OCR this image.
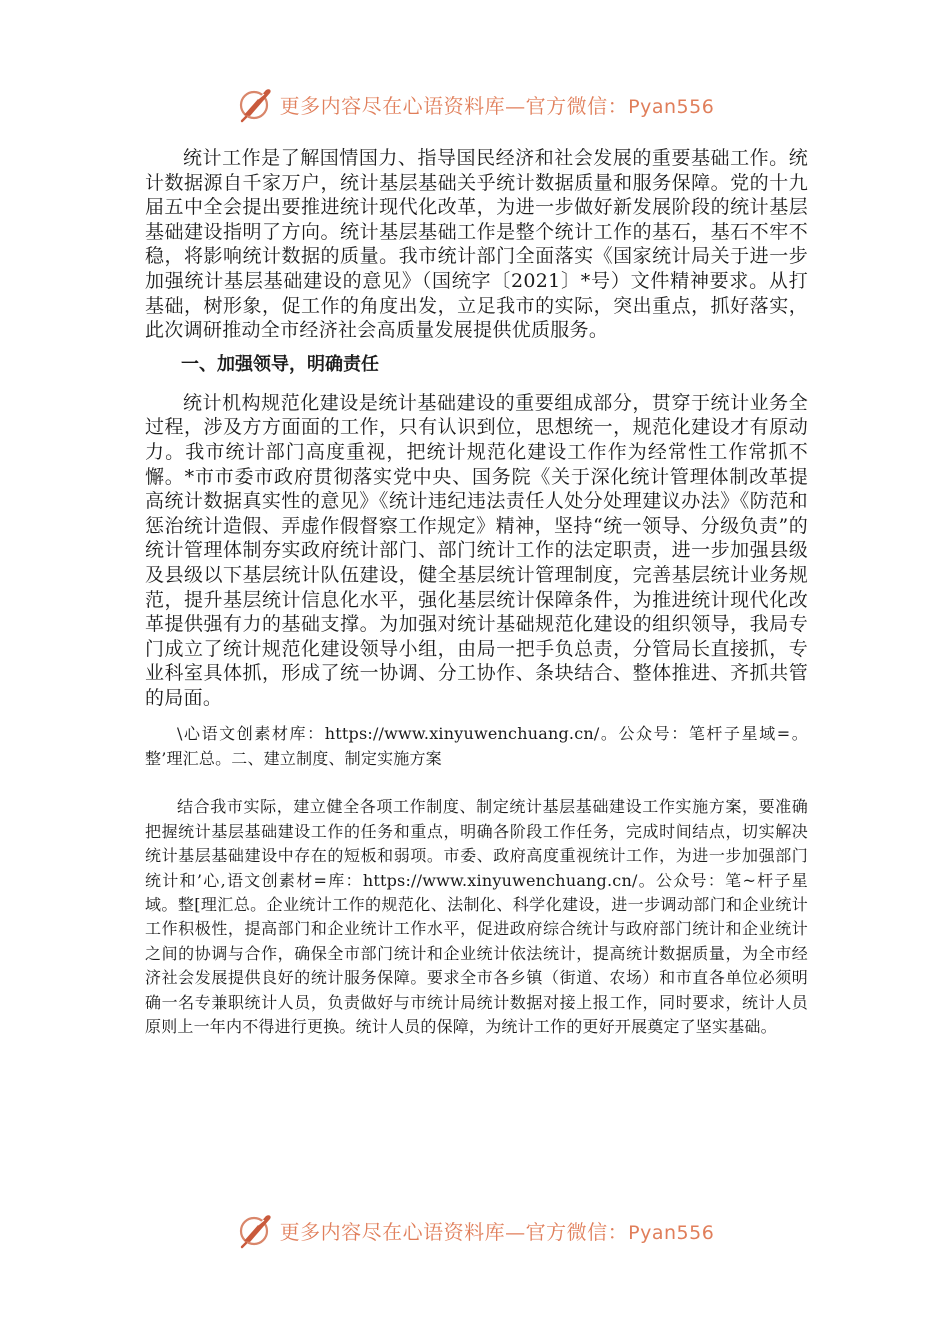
更多内容尽在心语资料库—官方微信：Pyan556

统计工作是了解国情国力、指导国民经济和社会发展的重要基础工作。统计数据源自千家万户，统计基层基础关乎统计数据质量和服务保障。党的十九届五中全会提出要推进统计现代化改革，为进一步做好新发展阶段的统计基层基础建设指明了方向。统计基层基础工作是整个统计工作的基石，基石不牢不稳，将影响统计数据的质量。我市统计部门全面落实《国家统计局关于进一步加强统计基层基础建设的意见》（国统字〔2021〕*号）文件精神要求。从打基础，树形象，促工作的角度出发，立足我市的实际，突出重点，抓好落实，此次调研推动全市经济社会高质量发展提供优质服务。

一、加强领导，明确责任

统计机构规范化建设是统计基础建设的重要组成部分，贯穿于统计业务全过程，涉及方方面面的工作，只有认识到位，思想统一，规范化建设才有原动力。我市统计部门高度重视，把统计规范化建设工作作为经常性工作常抓不懈。*市市委市政府贯彻落实党中央、国务院《关于深化统计管理体制改革提高统计数据真实性的意见》《统计违纪违法责任人处分处理建议办法》《防范和惩治统计造假、弄虚作假督察工作规定》精神，坚持“统一领导、分级负责”的统计管理体制夯实政府统计部门、部门统计工作的法定职责，进一步加强县级及县级以下基层统计队伍建设，健全基层统计管理制度，完善基层统计业务规范，提升基层统计信息化水平，强化基层统计保障条件，为推进统计现代化改革提供强有力的基础支撑。为加强对统计基础规范化建设的组织领导，我局专门成立了统计规范化建设领导小组，由局一把手负总责，分管局长直接抓，专业科室具体抓，形成了统一协调、分工协作、条块结合、整体推进、齐抓共管的局面。

\心语文创素材库：https://www.xinyuwenchuang.cn/。公众号：笔杆子星域=。整’理汇总。二、建立制度、制定实施方案

结合我市实际，建立健全各项工作制度、制定统计基层基础建设工作实施方案，要准确把握统计基层基础建设工作的任务和重点，明确各阶段工作任务，完成时间结点，切实解决统计基层基础建设中存在的短板和弱项。市委、政府高度重视统计工作，为进一步加强部门统计和’心,语文创素材=库：https://www.xinyuwenchuang.cn/。公众号：笔~杆子星域。整[理汇总。企业统计工作的规范化、法制化、科学化建设，进一步调动部门和企业统计工作积极性，提高部门和企业统计工作水平，促进政府综合统计与政府部门统计和企业统计之间的协调与合作，确保全市部门统计和企业统计依法统计，提高统计数据质量，为全市经济社会发展提供良好的统计服务保障。要求全市各乡镇（街道、农场）和市直各单位必须明确一名专兼职统计人员，负责做好与市统计局统计数据对接上报工作，同时要求，统计人员原则上一年内不得进行更换。统计人员的保障，为统计工作的更好开展奠定了坚实基础。

更多内容尽在心语资料库—官方微信：Pyan556
